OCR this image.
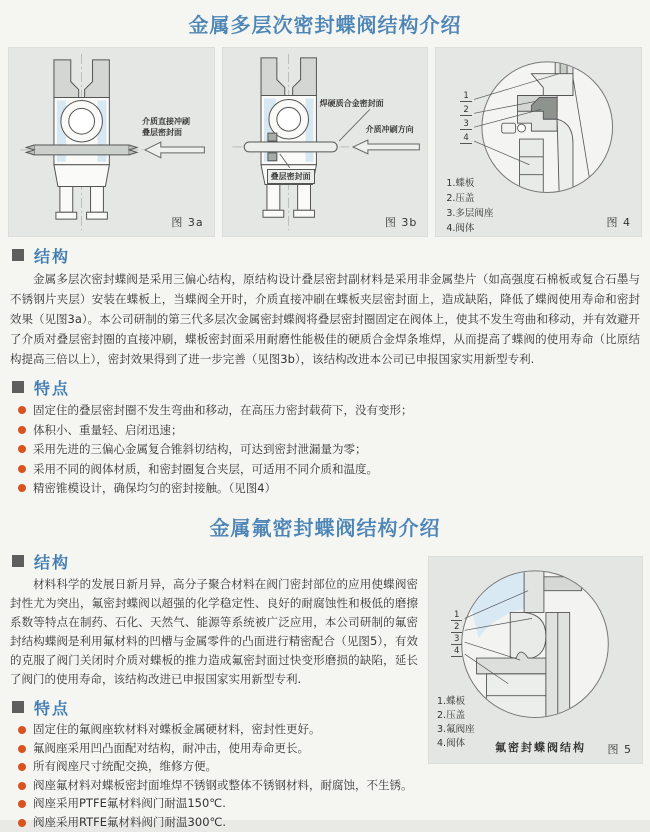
金属多层次密封蝶阀结构介绍
介质直接冲刷
叠层密封面
图 3a
焊硬质合金密封面
介质冲刷方向
叠层密封面
图 3b
1
2
3
4
1.蝶板
2.压盖
3.多层阀座
4.阀体	图 4
结构

金属多层次密封蝶阀是采用三偏心结构，原结构设计叠层密封副材料是采用非金属垫片（如高强度石棉板或复合石墨与不锈钢片夹层）安装在蝶板上，当蝶阀全开时，介质直接冲刷在蝶板夹层密封面上，造成缺陷，降低了蝶阀使用寿命和密封效果（见图3a）。本公司研制的第三代多层次金属密封蝶阀将叠层密封圈固定在阀体上，使其不发生弯曲和移动，并有效避开了介质对叠层密封圈的直接冲刷，蝶板密封面采用耐磨性能极佳的硬质合金焊条堆焊，从而提高了蝶阀的使用寿命（比原结构提高三倍以上），密封效果得到了进一步完善（见图3b），该结构改进本公司已申报国家实用新型专利.

特点
固定住的叠层密封圈不发生弯曲和移动，在高压力密封载荷下，没有变形；
体积小、重量轻、启闭迅速；
采用先进的三偏心金属复合锥斜切结构，可达到密封泄漏量为零；
采用不同的阀体材质，和密封圈复合夹层，可适用不同介质和温度。
精密锥模设计，确保均匀的密封接触。（见图4）
金属氟密封蝶阀结构介绍
结构

材料科学的发展日新月异，高分子聚合材料在阀门密封部位的应用使蝶阀密封性尤为突出，氟密封蝶阀以超强的化学稳定性、良好的耐腐蚀性和极低的磨擦系数等特点在制药、石化、天然气、能源等系统被广泛应用，本公司研制的氟密封结构蝶阀是利用氟材料的凹槽与金属零件的凸面进行精密配合（见图5），有效 的克服了阀门关闭时介质对蝶板的推力造成氟密封面过快变形磨损的缺陷，延长了阀门的使用寿命，该结构改进已申报国家实用新型专利.

特点
固定住的氟阀座软材料对蝶板金属硬材料，密封性更好。
氟阀座采用凹凸面配对结构，耐冲击，使用寿命更长。
所有阀座尺寸统配交换，维修方便。
阀座氟材料对蝶板密封面堆焊不锈钢或整体不锈钢材料，耐腐蚀，不生锈。
阀座采用PTFE氟材料阀门耐温150℃.
阀座采用RTFE氟材料阀门耐温300℃.
1
2
3
4
1.蝶板
2.压盖
3.氟阀座
4.阀体	氟密封蝶阀结构 图 5
